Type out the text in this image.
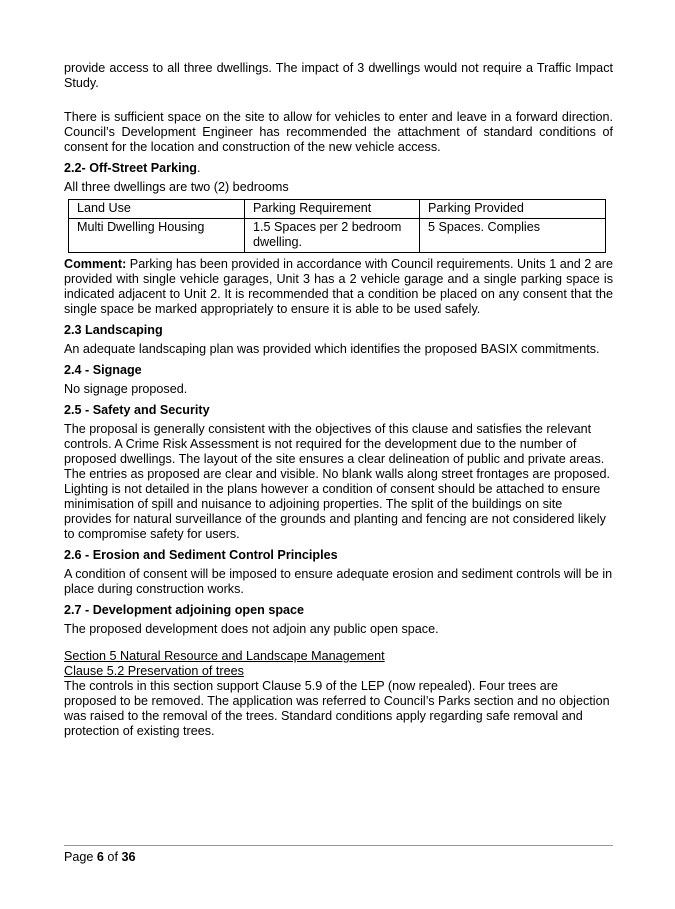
provide access to all three dwellings. The impact of 3 dwellings would not require a Traffic Impact Study.

There is sufficient space on the site to allow for vehicles to enter and leave in a forward direction. Council’s Development Engineer has recommended the attachment of standard conditions of consent for the location and construction of the new vehicle access.

2.2- Off-Street Parking.

All three dwellings are two (2) bedrooms

Land Use	Parking Requirement	Parking Provided
Multi Dwelling Housing	1.5 Spaces per 2 bedroom dwelling.	5 Spaces. Complies

Comment: Parking has been provided in accordance with Council requirements. Units 1 and 2 are provided with single vehicle garages, Unit 3 has a 2 vehicle garage and a single parking space is indicated adjacent to Unit 2. It is recommended that a condition be placed on any consent that the single space be marked appropriately to ensure it is able to be used safely.

2.3 Landscaping

An adequate landscaping plan was provided which identifies the proposed BASIX commitments.

2.4 - Signage

No signage proposed.

2.5 - Safety and Security

The proposal is generally consistent with the objectives of this clause and satisfies the relevant controls. A Crime Risk Assessment is not required for the development due to the number of proposed dwellings. The layout of the site ensures a clear delineation of public and private areas. The entries as proposed are clear and visible. No blank walls along street frontages are proposed. Lighting is not detailed in the plans however a condition of consent should be attached to ensure minimisation of spill and nuisance to adjoining properties. The split of the buildings on site provides for natural surveillance of the grounds and planting and fencing are not considered likely to compromise safety for users.

2.6 - Erosion and Sediment Control Principles

A condition of consent will be imposed to ensure adequate erosion and sediment controls will be in place during construction works.

2.7 - Development adjoining open space

The proposed development does not adjoin any public open space.

Section 5 Natural Resource and Landscape Management

Clause 5.2 Preservation of trees

The controls in this section support Clause 5.9 of the LEP (now repealed). Four trees are proposed to be removed. The application was referred to Council’s Parks section and no objection was raised to the removal of the trees. Standard conditions apply regarding safe removal and protection of existing trees.

Page 6 of 36
